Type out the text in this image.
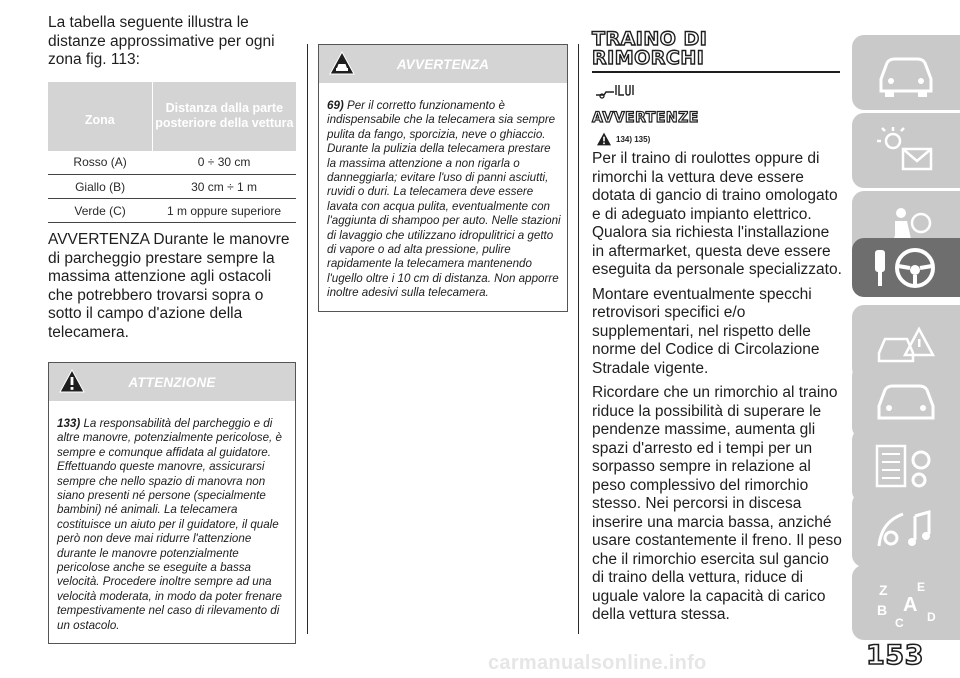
La tabella seguente illustra le distanze approssimative per ogni zona fig. 113:

Zona	Distanza dalla parte posteriore della vettura
Rosso (A)	0 ÷ 30 cm
Giallo (B)	30 cm ÷ 1 m
Verde (C)	1 m oppure superiore

AVVERTENZA Durante le manovre di parcheggio prestare sempre la massima attenzione agli ostacoli che potrebbero trovarsi sopra o sotto il campo d'azione della telecamera.

ATTENZIONE
133) La responsabilità del parcheggio e di altre manovre, potenzialmente pericolose, è sempre e comunque affidata al guidatore. Effettuando queste manovre, assicurarsi sempre che nello spazio di manovra non siano presenti né persone (specialmente bambini) né animali. La telecamera costituisce un aiuto per il guidatore, il quale però non deve mai ridurre l'attenzione durante le manovre potenzialmente pericolose anche se eseguite a bassa velocità. Procedere inoltre sempre ad una velocità moderata, in modo da poter frenare tempestivamente nel caso di rilevamento di un ostacolo.
AVVERTENZA
69) Per il corretto funzionamento è indispensabile che la telecamera sia sempre pulita da fango, sporcizia, neve o ghiaccio. Durante la pulizia della telecamera prestare la massima attenzione a non rigarla o danneggiarla; evitare l'uso di panni asciutti, ruvidi o duri. La telecamera deve essere lavata con acqua pulita, eventualmente con l'aggiunta di shampoo per auto. Nelle stazioni di lavaggio che utilizzano idropulitrici a getto di vapore o ad alta pressione, pulire rapidamente la telecamera mantenendo l'ugello oltre i 10 cm di distanza. Non apporre inoltre adesivi sulla telecamera.
TRAINO DI
RIMORCHI
AVVERTENZE
134) 135)

Per il traino di roulottes oppure di rimorchi la vettura deve essere dotata di gancio di traino omologato e di adeguato impianto elettrico. Qualora sia richiesta l'installazione in aftermarket, questa deve essere eseguita da personale specializzato.

Montare eventualmente specchi retrovisori specifici e/o supplementari, nel rispetto delle norme del Codice di Circolazione Stradale vigente.

Ricordare che un rimorchio al traino riduce la possibilità di superare le pendenze massime, aumenta gli spazi d'arresto ed i tempi per un sorpasso sempre in relazione al peso complessivo del rimorchio stesso. Nei percorsi in discesa inserire una marcia bassa, anziché usare costantemente il freno. Il peso che il rimorchio esercita sul gancio di traino della vettura, riduce di uguale valore la capacità di carico della vettura stessa.

Z E
B A
C D
153
carmanualsonline.info
